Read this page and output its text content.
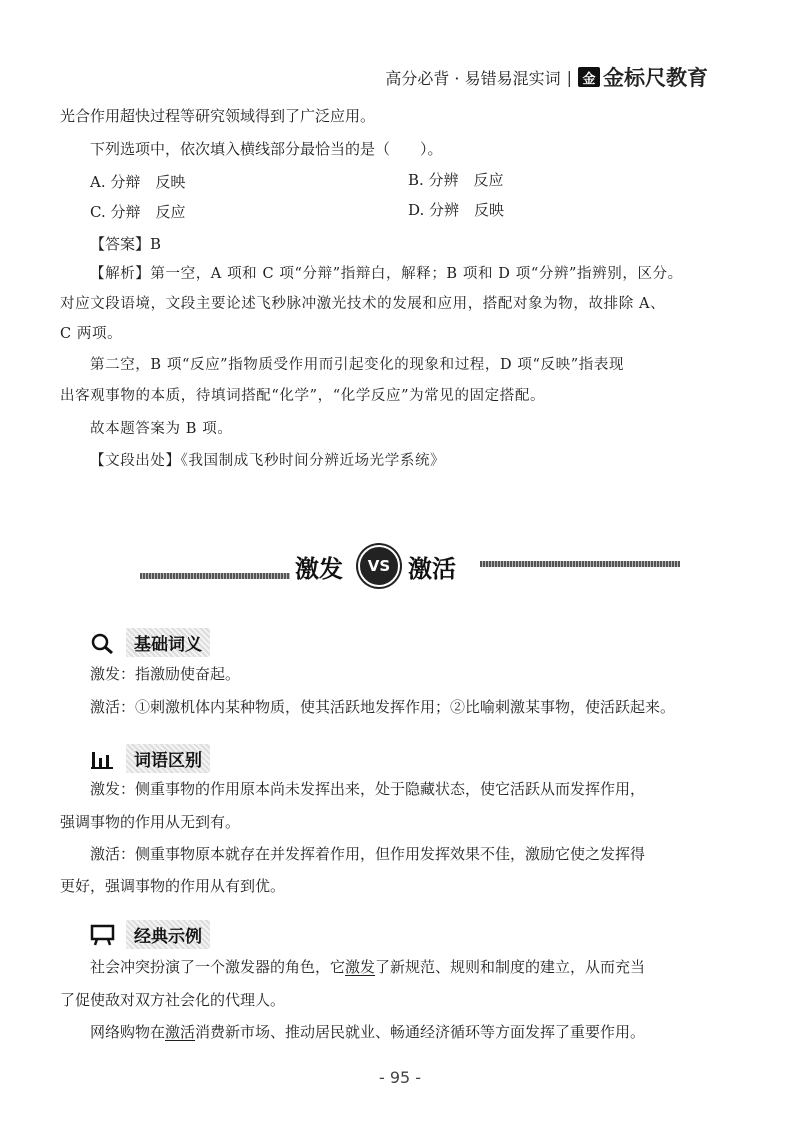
高分必背 · 易错易混实词 | 金 金标尺教育
光合作用超快过程等研究领域得到了广泛应用。
下列选项中，依次填入横线部分最恰当的是（　　）。
A. 分辩　反映	B. 分辨　反应
C. 分辩　反应	D. 分辨　反映
【答案】B
【解析】第一空，A 项和 C 项“分辩”指辩白，解释；B 项和 D 项“分辨”指辨别，区分。
对应文段语境，文段主要论述飞秒脉冲激光技术的发展和应用，搭配对象为物，故排除 A、
C 两项。
第二空，B 项“反应”指物质受作用而引起变化的现象和过程，D 项“反映”指表现
出客观事物的本质，待填词搭配“化学”，“化学反应”为常见的固定搭配。
故本题答案为 B 项。
【文段出处】《我国制成飞秒时间分辨近场光学系统》
激发	VS 激活
基础词义
激发：指激励使奋起。
激活：①刺激机体内某种物质，使其活跃地发挥作用；②比喻刺激某事物，使活跃起来。
词语区别
激发：侧重事物的作用原本尚未发挥出来，处于隐藏状态，使它活跃从而发挥作用，
强调事物的作用从无到有。
激活：侧重事物原本就存在并发挥着作用，但作用发挥效果不佳，激励它使之发挥得
更好，强调事物的作用从有到优。
经典示例
社会冲突扮演了一个激发器的角色，它激发了新规范、规则和制度的建立，从而充当
了促使敌对双方社会化的代理人。
网络购物在激活消费新市场、推动居民就业、畅通经济循环等方面发挥了重要作用。
- 95 -
